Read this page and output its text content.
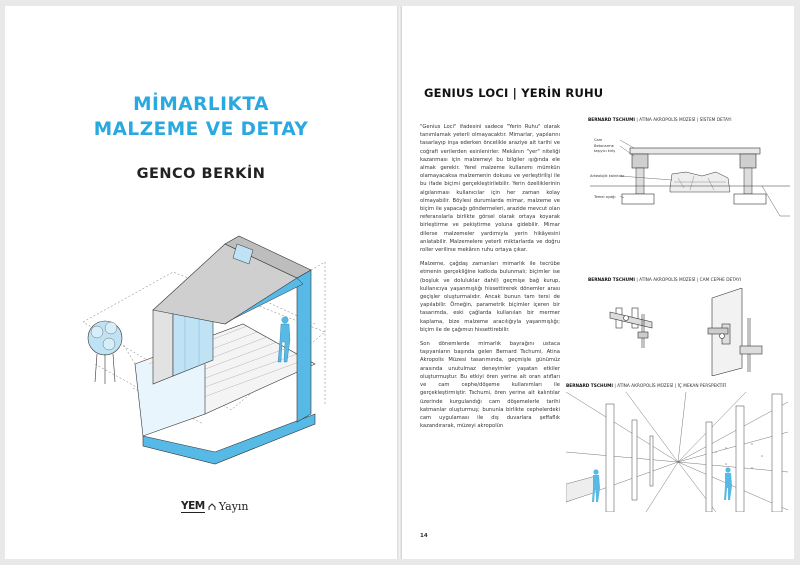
MİMARLIKTA
MALZEME VE DETAY
GENCO BERKİN
YEM Yayın
GENIUS LOCI | YERİN RUHU

"Genius Loci" ifadesini sadece "Yerin Ruhu" olarak tanımlamak yeterli olmayacaktır. Mimarlar, yapılarını tasarlayıp inşa ederken öncelikle araziye ait tarihi ve coğrafi verilerden esinlenirler. Mekânın "yer" niteliği kazanması için malzemeyi bu bilgiler ışığında ele almak gerekir. Yerel malzeme kullanımı mümkün olamayacaksa malzemenin dokusu ve yerleştirilişi ile bu ifade biçimi gerçekleştirilebilir. Yerin özelliklerinin algılanması kullanıcılar için her zaman kolay olmayabilir. Böylesi durumlarda mimar, malzeme ve biçim ile yapacağı göndermeleri, arazide mevcut olan referanslarla birlikte görsel olarak ortaya koyarak birleştirme ve pekiştirme yoluna gidebilir. Mimar dilerse malzemeler yardımıyla yerin hikâyesini anlatabilir. Malzemelere yeterli miktarlarda ve doğru roller verilirse mekânın ruhu ortaya çıkar.

Malzeme, çağdaş zamanları mimarlık ile tecrübe etmenin gerçekliğine katkıda bulunmalı; biçimler ise (boşluk ve doluluklar dahil) geçmişe bağ kurup, kullanıcıya yaşanmışlığı hissettirerek dönemler arası geçişler oluşturmalıdır. Ancak bunun tam tersi de yapılabilir. Örneğin, parametrik biçimler içeren bir tasarımda, eski çağlarda kullanılan bir mermer kaplama, bize malzeme aracılığıyla yaşanmışlığı; biçim ile de çağımızı hissettirebilir.

Son dönemlerde mimarlık bayrağını ustaca taşıyanların başında gelen Bernard Tschumi, Atina Akropolis Müzesi tasarımında, geçmişle günümüz arasında unutulmaz deneyimler yaşatan etkiler oluşturmuştur. Bu etkiyi ören yerine ait oran atıfları ve cam cephe/döşeme kullanımları ile gerçekleştirmiştir. Tschumi, ören yerine ait kalıntılar üzerinde kurgulandığı cam döşemelerle tarihi katmanlar oluşturmuş; bununla birlikte cephelerdeki cam uygulaması ile dış duvarlara şeffaflık kazandırarak, müzeyi akropolün

14
BERNARD TSCHUMI | ATİNA AKROPOLİS MÜZESİ | SİSTEM DETAYI
Cam
Betonarme
taşıyıcı kiriş
Arkeolojik kalıntılar
Temel ayağı
BERNARD TSCHUMI | ATİNA AKROPOLİS MÜZESİ | CAM CEPHE DETAYI
BERNARD TSCHUMI | ATİNA AKROPOLİS MÜZESİ | İÇ MEKAN PERSPEKTİFİ
